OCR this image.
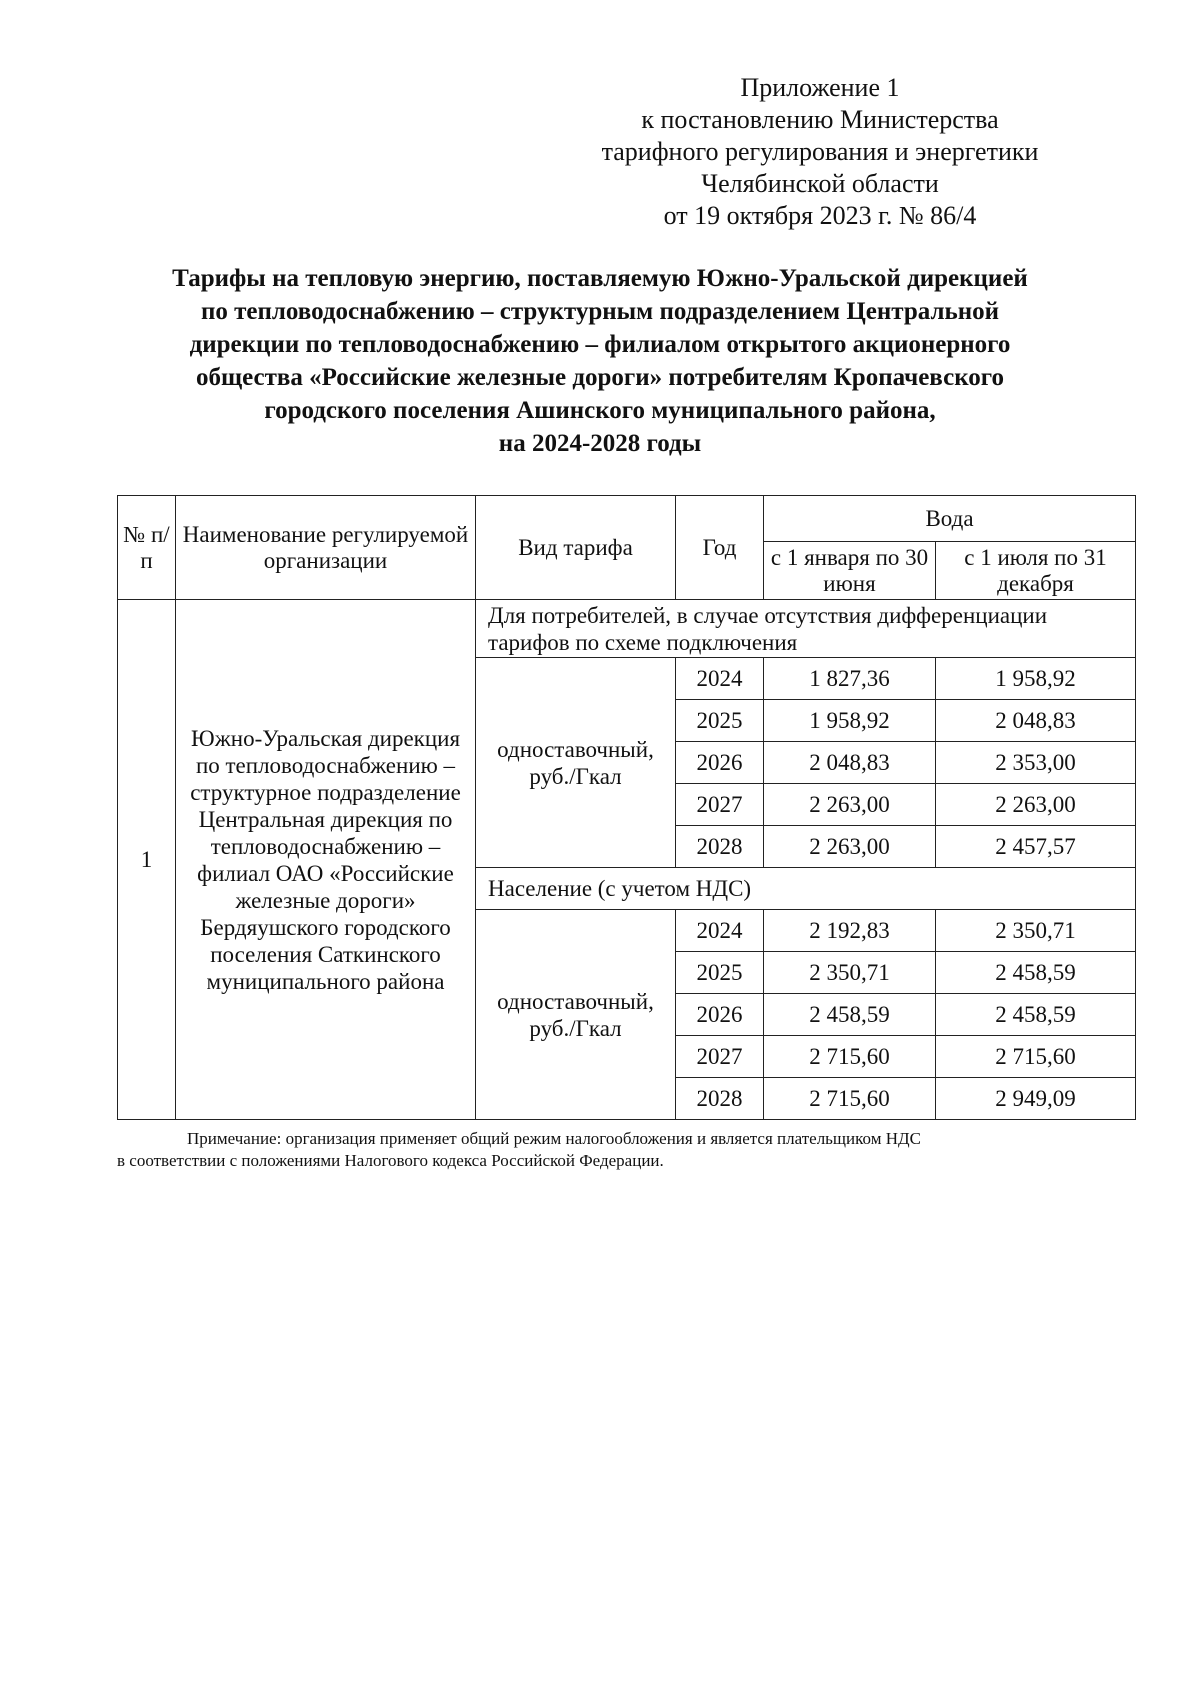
Приложение 1
к постановлению Министерства
тарифного регулирования и энергетики
Челябинской области
от 19 октября 2023 г. № 86/4
Тарифы на тепловую энергию, поставляемую Южно-Уральской дирекцией
по тепловодоснабжению – структурным подразделением Центральной
дирекции по тепловодоснабжению – филиалом открытого акционерного
общества «Российские железные дороги» потребителям Кропачевского
городского поселения Ашинского муниципального района,
на 2024-2028 годы
№ п/п	Наименование регулируемой организации	Вид тарифа	Год	Вода	
				с 1 января по 30 июня	с 1 июля по 31 декабря
1	Южно-Уральская дирекция по тепловодоснабжению – структурное подразделение Центральная дирекция по тепловодоснабжению – филиал ОАО «Российские железные дороги» Бердяушского городского поселения Саткинского муниципального района	Для потребителей, в случае отсутствия дифференциации тарифов по схеме подключения			
		одноставочный, руб./Гкал	2024	1 827,36	1 958,92
			2025	1 958,92	2 048,83
			2026	2 048,83	2 353,00
			2027	2 263,00	2 263,00
			2028	2 263,00	2 457,57
		Население (с учетом НДС)			
		одноставочный, руб./Гкал	2024	2 192,83	2 350,71
			2025	2 350,71	2 458,59
			2026	2 458,59	2 458,59
			2027	2 715,60	2 715,60
			2028	2 715,60	2 949,09
Примечание: организация применяет общий режим налогообложения и является плательщиком НДС
в соответствии с положениями Налогового кодекса Российской Федерации.
